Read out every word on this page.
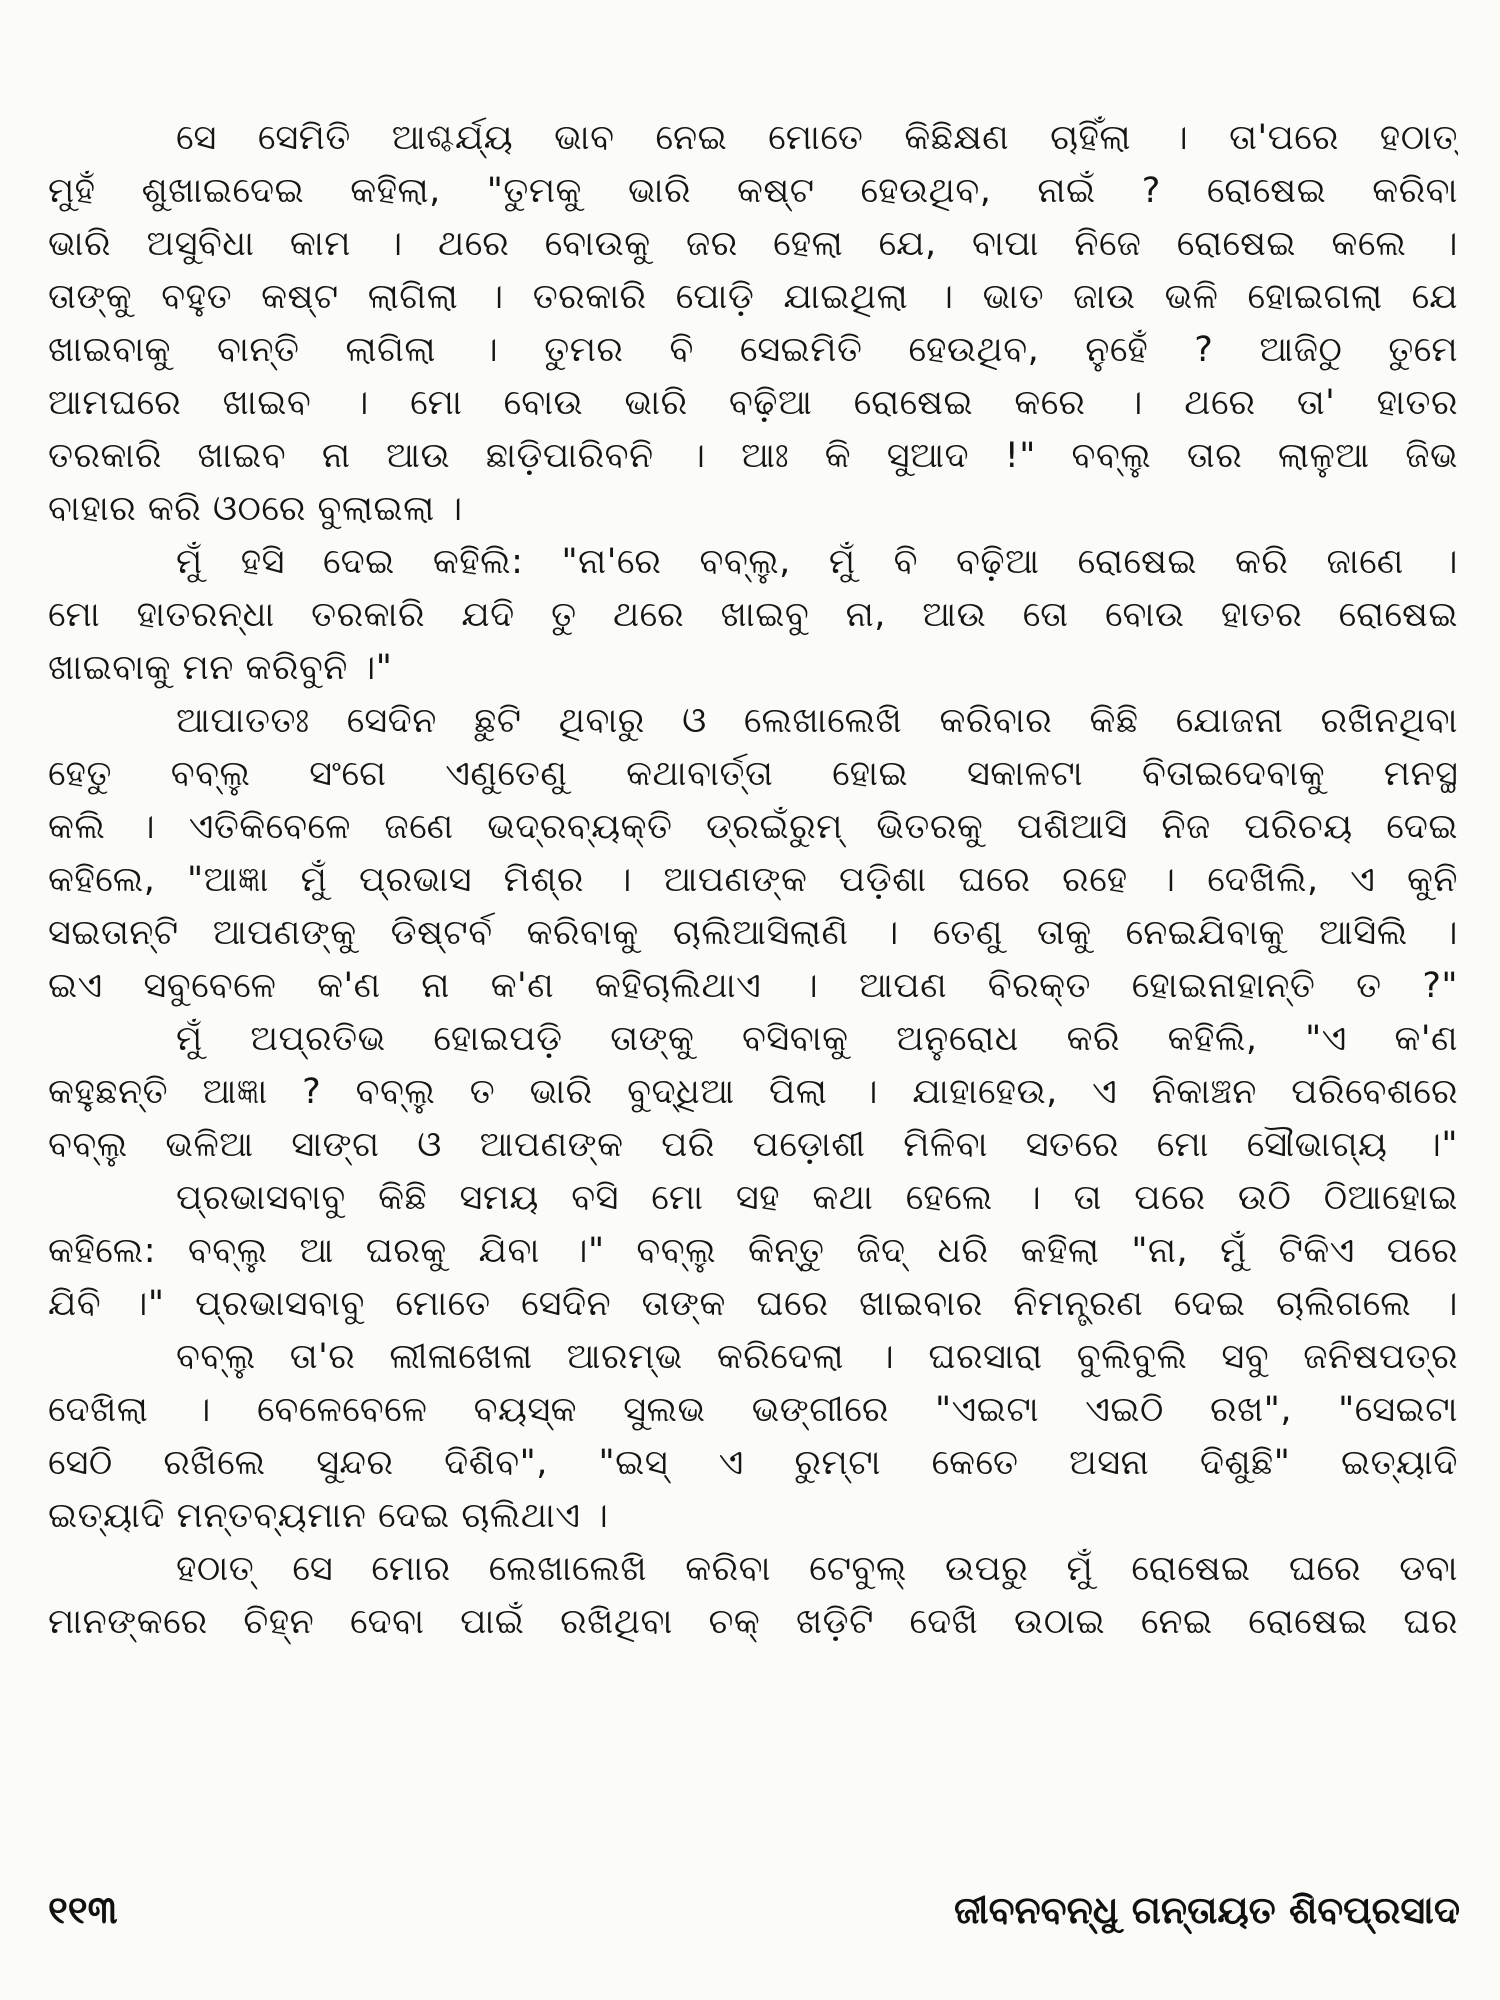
ସେ ସେମିତି ଆଶ୍ଚର୍ଯ୍ୟ ଭାବ ନେଇ ମୋତେ କିଛିକ୍ଷଣ ଚାହିଁଲା । ତା'ପରେ ହଠାତ୍
ମୁହଁ ଶୁଖାଇଦେଇ କହିଲା, "ତୁମକୁ ଭାରି କଷ୍ଟ ହେଉଥିବ, ନାଇଁ ? ରୋଷେଇ କରିବା
ଭାରି ଅସୁବିଧା କାମ । ଥରେ ବୋଉକୁ ଜର ହେଲା ଯେ, ବାପା ନିଜେ ରୋଷେଇ କଲେ ।
ତାଙ୍କୁ ବହୁତ କଷ୍ଟ ଲାଗିଲା । ତରକାରି ପୋଡ଼ି ଯାଇଥିଲା । ଭାତ ଜାଉ ଭଳି ହୋଇଗଲା ଯେ
ଖାଇବାକୁ ବାନ୍ତି ଲାଗିଲା । ତୁମର ବି ସେଇମିତି ହେଉଥିବ, ନୁହେଁ ? ଆଜିଠୁ ତୁମେ
ଆମଘରେ ଖାଇବ । ମୋ ବୋଉ ଭାରି ବଢ଼ିଆ ରୋଷେଇ କରେ । ଥରେ ତା' ହାତର
ତରକାରି ଖାଇବ ନା ଆଉ ଛାଡ଼ିପାରିବନି । ଆଃ କି ସୁଆଦ !" ବବ୍‌ଲୁ ତାର ଲାଳୁଆ ଜିଭ
ବାହାର କରି ଓଠରେ ବୁଲାଇଲା ।
ମୁଁ ହସି ଦେଇ କହିଲି: "ନା'ରେ ବବ୍‌ଲୁ, ମୁଁ ବି ବଢ଼ିଆ ରୋଷେଇ କରି ଜାଣେ ।
ମୋ ହାତରନ୍ଧା ତରକାରି ଯଦି ତୁ ଥରେ ଖାଇବୁ ନା, ଆଉ ତୋ ବୋଉ ହାତର ରୋଷେଇ
ଖାଇବାକୁ ମନ କରିବୁନି ।"
ଆପାତତଃ ସେଦିନ ଛୁଟି ଥିବାରୁ ଓ ଲେଖାଲେଖି କରିବାର କିଛି ଯୋଜନା ରଖିନଥିବା
ହେତୁ ବବ୍‌ଲୁ ସଂଗେ ଏଣୁତେଣୁ କଥାବାର୍ତ୍ତା ହୋଇ ସକାଳଟା ବିତାଇଦେବାକୁ ମନସ୍ଥ
କଲି । ଏତିକିବେଳେ ଜଣେ ଭଦ୍ରବ୍ୟକ୍ତି ଡ୍ରଇଁରୁମ୍ ଭିତରକୁ ପଶିଆସି ନିଜ ପରିଚୟ ଦେଇ
କହିଲେ, "ଆଜ୍ଞା ମୁଁ ପ୍ରଭାସ ମିଶ୍ର । ଆପଣଙ୍କ ପଡ଼ିଶା ଘରେ ରହେ । ଦେଖିଲି, ଏ କୁନି
ସଇତାନ୍‌ଟି ଆପଣଙ୍କୁ ଡିଷ୍ଟର୍ବ କରିବାକୁ ଚାଲିଆସିଲାଣି । ତେଣୁ ତାକୁ ନେଇଯିବାକୁ ଆସିଲି ।
ଇଏ ସବୁବେଳେ କ'ଣ ନା କ'ଣ କହିଚାଲିଥାଏ । ଆପଣ ବିରକ୍ତ ହୋଇନାହାନ୍ତି ତ ?"
ମୁଁ ଅପ୍ରତିଭ ହୋଇପଡ଼ି ତାଙ୍କୁ ବସିବାକୁ ଅନୁରୋଧ କରି କହିଲି, "ଏ କ'ଣ
କହୁଛନ୍ତି ଆଜ୍ଞା ? ବବ୍‌ଲୁ ତ ଭାରି ବୁଦ୍ଧିଆ ପିଲା । ଯାହାହେଉ, ଏ ନିକାଞ୍ଚନ ପରିବେଶରେ
ବବ୍‌ଲୁ ଭଳିଆ ସାଙ୍ଗ ଓ ଆପଣଙ୍କ ପରି ପଡ଼ୋଶୀ ମିଳିବା ସତରେ ମୋ ସୌଭାଗ୍ୟ ।"
ପ୍ରଭାସବାବୁ କିଛି ସମୟ ବସି ମୋ ସହ କଥା ହେଲେ । ତା ପରେ ଉଠି ଠିଆହୋଇ
କହିଲେ: ବବ୍‌ଲୁ ଆ ଘରକୁ ଯିବା ।" ବବ୍‌ଲୁ କିନ୍ତୁ ଜିଦ୍ ଧରି କହିଲା "ନା, ମୁଁ ଟିକିଏ ପରେ
ଯିବି ।" ପ୍ରଭାସବାବୁ ମୋତେ ସେଦିନ ତାଙ୍କ ଘରେ ଖାଇବାର ନିମନ୍ତ୍ରଣ ଦେଇ ଚାଲିଗଲେ ।
ବବ୍‌ଲୁ ତା'ର ଲୀଳାଖେଳା ଆରମ୍ଭ କରିଦେଲା । ଘରସାରା ବୁଲିବୁଲି ସବୁ ଜନିଷପତ୍ର
ଦେଖିଲା । ବେଳେବେଳେ ବୟସ୍କ ସୁଲଭ ଭଙ୍ଗୀରେ "ଏଇଟା ଏଇଠି ରଖ", "ସେଇଟା
ସେଠି ରଖିଲେ ସୁନ୍ଦର ଦିଶିବ", "ଇସ୍ ଏ ରୁମ୍‌ଟା କେତେ ଅସନା ଦିଶୁଛି" ଇତ୍ୟାଦି
ଇତ୍ୟାଦି ମନ୍ତବ୍ୟମାନ ଦେଇ ଚାଲିଥାଏ ।
ହଠାତ୍ ସେ ମୋର ଲେଖାଲେଖି କରିବା ଟେବୁଲ୍ ଉପରୁ ମୁଁ ରୋଷେଇ ଘରେ ଡବା
ମାନଙ୍କରେ ଚିହ୍ନ ଦେବା ପାଇଁ ରଖିଥିବା ଚକ୍ ଖଡ଼ିଟି ଦେଖି ଉଠାଇ ନେଇ ରୋଷେଇ ଘର
୧୧୩	ଜୀବନବନ୍ଧୁ ଗନ୍ତାୟତ ଶିବପ୍ରସାଦ
